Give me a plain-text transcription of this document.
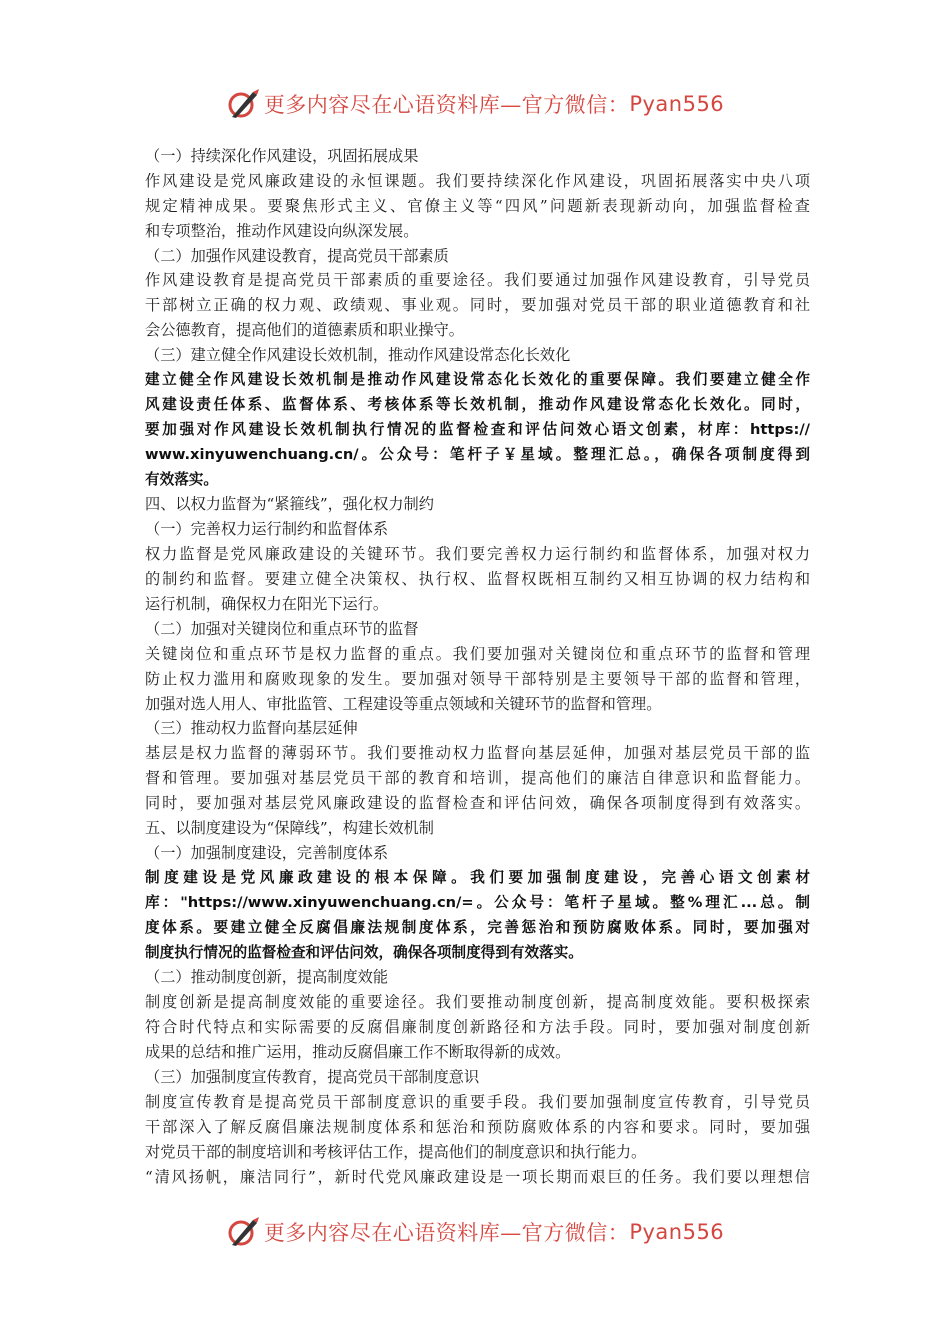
更多内容尽在心语资料库—官方微信： Pyan556
（一）持续深化作风建设，巩固拓展成果
作风建设是党风廉政建设的永恒课题。我们要持续深化作风建设，巩固拓展落实中央八项
规定精神成果。要聚焦形式主义、官僚主义等“四风”问题新表现新动向，加强监督检查
和专项整治，推动作风建设向纵深发展。
（二）加强作风建设教育，提高党员干部素质
作风建设教育是提高党员干部素质的重要途径。我们要通过加强作风建设教育，引导党员
干部树立正确的权力观、政绩观、事业观。同时，要加强对党员干部的职业道德教育和社
会公德教育，提高他们的道德素质和职业操守。
（三）建立健全作风建设长效机制，推动作风建设常态化长效化
建立健全作风建设长效机制是推动作风建设常态化长效化的重要保障。我们要建立健全作
风建设责任体系、监督体系、考核体系等长效机制，推动作风建设常态化长效化。同时，
要加强对作风建设长效机制执行情况的监督检查和评估问效心语文创素，材库：https://
www.xinyuwenchuang.cn/。公众号：笔杆子￥星域。整理汇总。，确保各项制度得到
有效落实。
四、以权力监督为“紧箍线”，强化权力制约
（一）完善权力运行制约和监督体系
权力监督是党风廉政建设的关键环节。我们要完善权力运行制约和监督体系，加强对权力
的制约和监督。要建立健全决策权、执行权、监督权既相互制约又相互协调的权力结构和
运行机制，确保权力在阳光下运行。
（二）加强对关键岗位和重点环节的监督
关键岗位和重点环节是权力监督的重点。我们要加强对关键岗位和重点环节的监督和管理
防止权力滥用和腐败现象的发生。要加强对领导干部特别是主要领导干部的监督和管理，
加强对选人用人、审批监管、工程建设等重点领域和关键环节的监督和管理。
（三）推动权力监督向基层延伸
基层是权力监督的薄弱环节。我们要推动权力监督向基层延伸，加强对基层党员干部的监
督和管理。要加强对基层党员干部的教育和培训，提高他们的廉洁自律意识和监督能力。
同时，要加强对基层党风廉政建设的监督检查和评估问效，确保各项制度得到有效落实。
五、以制度建设为“保障线”，构建长效机制
（一）加强制度建设，完善制度体系
制度建设是党风廉政建设的根本保障。我们要加强制度建设，完善心语文创素材
库："https://www.xinyuwenchuang.cn/=。公众号：笔杆子星域。整%理汇...总。制
度体系。要建立健全反腐倡廉法规制度体系，完善惩治和预防腐败体系。同时，要加强对
制度执行情况的监督检查和评估问效，确保各项制度得到有效落实。
（二）推动制度创新，提高制度效能
制度创新是提高制度效能的重要途径。我们要推动制度创新，提高制度效能。要积极探索
符合时代特点和实际需要的反腐倡廉制度创新路径和方法手段。同时，要加强对制度创新
成果的总结和推广运用，推动反腐倡廉工作不断取得新的成效。
（三）加强制度宣传教育，提高党员干部制度意识
制度宣传教育是提高党员干部制度意识的重要手段。我们要加强制度宣传教育，引导党员
干部深入了解反腐倡廉法规制度体系和惩治和预防腐败体系的内容和要求。同时，要加强
对党员干部的制度培训和考核评估工作，提高他们的制度意识和执行能力。
“清风扬帆，廉洁同行”，新时代党风廉政建设是一项长期而艰巨的任务。我们要以理想信
更多内容尽在心语资料库—官方微信： Pyan556
